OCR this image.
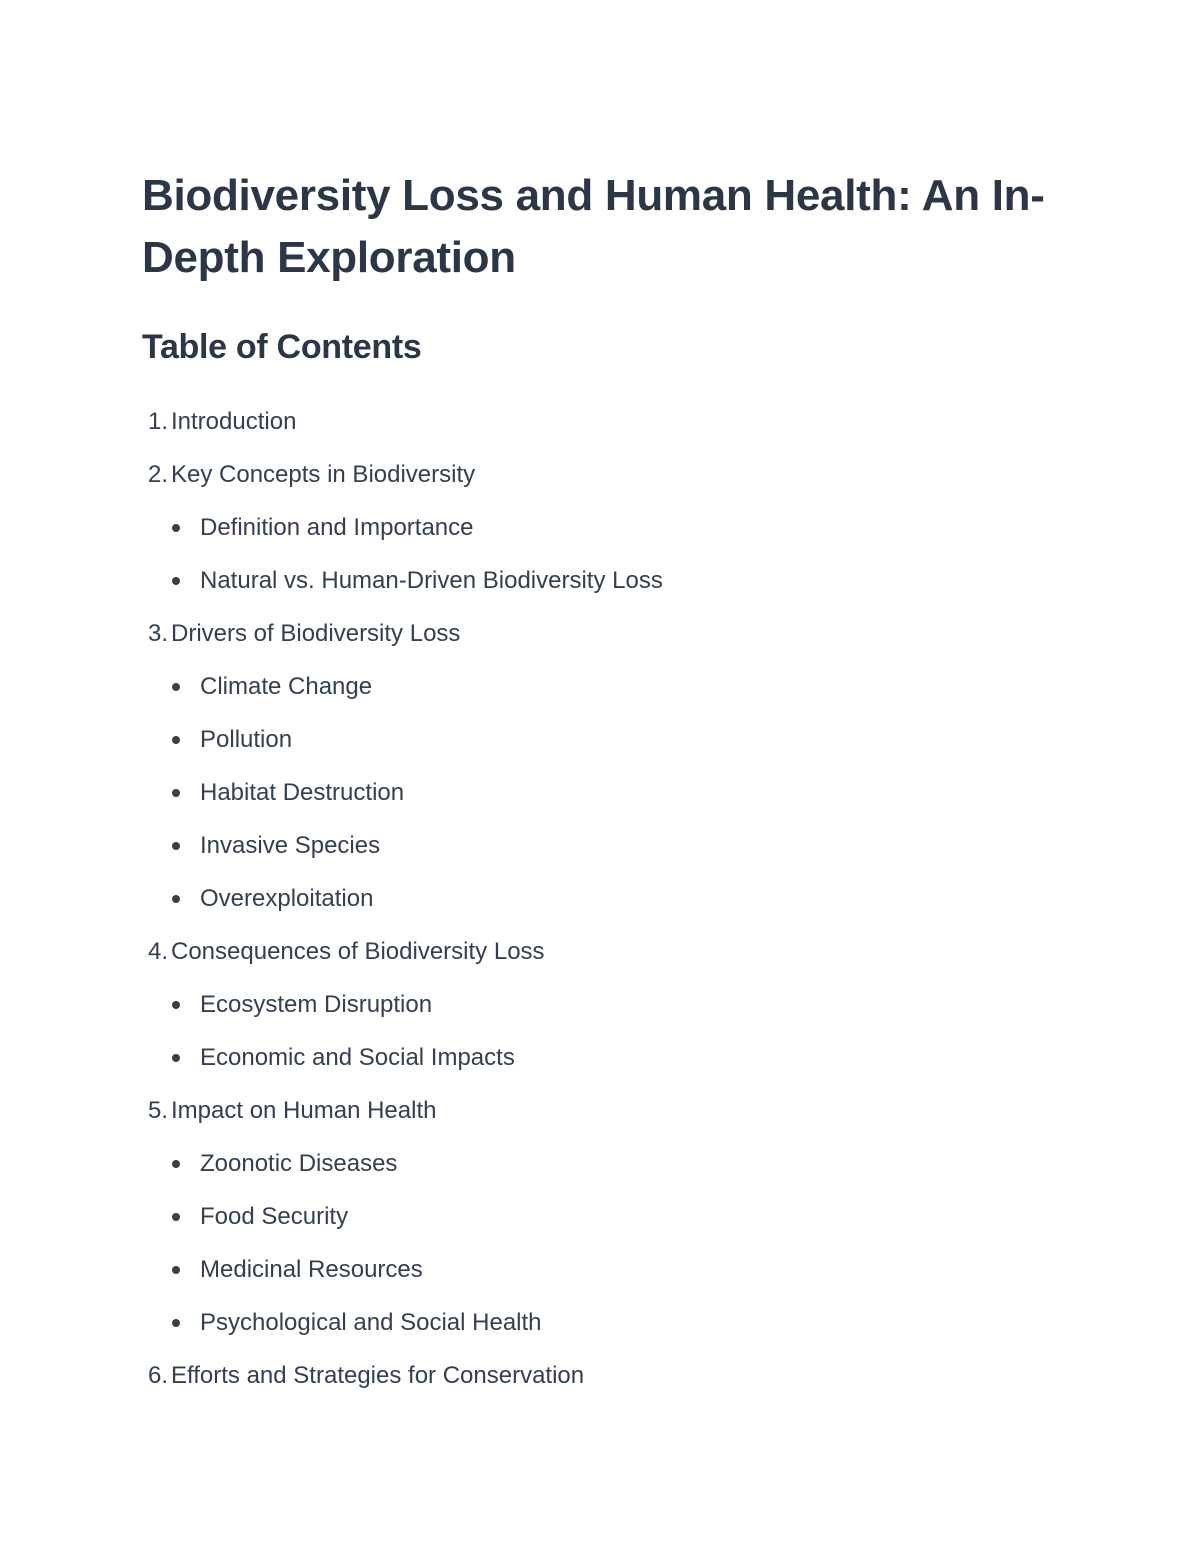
Biodiversity Loss and Human Health: An In-Depth Exploration
Table of Contents
1. Introduction
2. Key Concepts in Biodiversity
Definition and Importance
Natural vs. Human-Driven Biodiversity Loss
3. Drivers of Biodiversity Loss
Climate Change
Pollution
Habitat Destruction
Invasive Species
Overexploitation
4. Consequences of Biodiversity Loss
Ecosystem Disruption
Economic and Social Impacts
5. Impact on Human Health
Zoonotic Diseases
Food Security
Medicinal Resources
Psychological and Social Health
6. Efforts and Strategies for Conservation
